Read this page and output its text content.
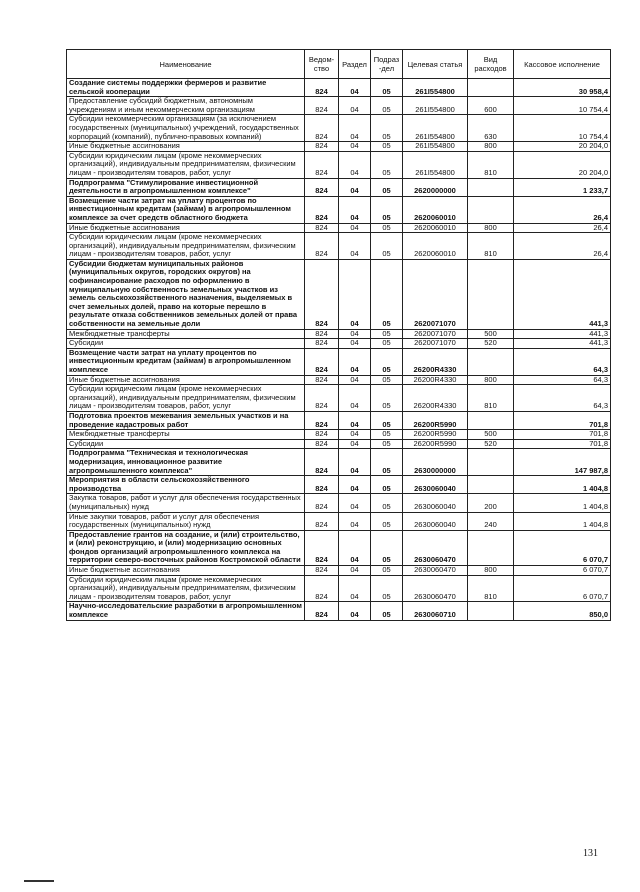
Наименование	Ведом-ство	Раздел	Подраз-дел	Целевая статья	Вид расходов	Кассовое исполнение
Создание системы поддержки фермеров и развитие сельской кооперации	824	04	05	261I554800		30 958,4
Предоставление субсидий бюджетным, автономным учреждениям и иным некоммерческим организациям	824	04	05	261I554800	600	10 754,4
Субсидии некоммерческим организациям (за исключением государственных (муниципальных) учреждений, государственных корпораций (компаний), публично-правовых компаний)	824	04	05	261I554800	630	10 754,4
Иные бюджетные ассигнования	824	04	05	261I554800	800	20 204,0
Субсидии юридическим лицам (кроме некоммерческих организаций), индивидуальным предпринимателям, физическим лицам - производителям товаров, работ, услуг	824	04	05	261I554800	810	20 204,0
Подпрограмма "Стимулирование инвестиционной деятельности в агропромышленном комплексе"	824	04	05	2620000000		1 233,7
Возмещение части затрат на уплату процентов по инвестиционным кредитам (займам) в агропромышленном комплексе за счет средств областного бюджета	824	04	05	2620060010		26,4
Иные бюджетные ассигнования	824	04	05	2620060010	800	26,4
Субсидии юридическим лицам (кроме некоммерческих организаций), индивидуальным предпринимателям, физическим лицам - производителям товаров, работ, услуг	824	04	05	2620060010	810	26,4
Субсидии бюджетам муниципальных районов (муниципальных округов, городских округов) на софинансирование расходов по оформлению в муниципальную собственность земельных участков из земель сельскохозяйственного назначения, выделяемых в счет земельных долей, право на которые перешло в результате отказа собственников земельных долей от права собственности на земельные доли	824	04	05	2620071070		441,3
Межбюджетные трансферты	824	04	05	2620071070	500	441,3
Субсидии	824	04	05	2620071070	520	441,3
Возмещение части затрат на уплату процентов по инвестиционным кредитам (займам) в агропромышленном комплексе	824	04	05	26200R4330		64,3
Иные бюджетные ассигнования	824	04	05	26200R4330	800	64,3
Субсидии юридическим лицам (кроме некоммерческих организаций), индивидуальным предпринимателям, физическим лицам - производителям товаров, работ, услуг	824	04	05	26200R4330	810	64,3
Подготовка проектов межевания земельных участков и на проведение кадастровых работ	824	04	05	26200R5990		701,8
Межбюджетные трансферты	824	04	05	26200R5990	500	701,8
Субсидии	824	04	05	26200R5990	520	701,8
Подпрограмма "Техническая и технологическая модернизация, инновационное развитие агропромышленного комплекса"	824	04	05	2630000000		147 987,8
Мероприятия в области сельскохозяйственного производства	824	04	05	2630060040		1 404,8
Закупка товаров, работ и услуг для обеспечения государственных (муниципальных) нужд	824	04	05	2630060040	200	1 404,8
Иные закупки товаров, работ и услуг для обеспечения государственных (муниципальных) нужд	824	04	05	2630060040	240	1 404,8
Предоставление грантов на создание, и (или) строительство, и (или) реконструкцию, и (или) модернизацию основных фондов организаций агропромышленного комплекса на территории северо-восточных районов Костромской области	824	04	05	2630060470		6 070,7
Иные бюджетные ассигнования	824	04	05	2630060470	800	6 070,7
Субсидии юридическим лицам (кроме некоммерческих организаций), индивидуальным предпринимателям, физическим лицам - производителям товаров, работ, услуг	824	04	05	2630060470	810	6 070,7
Научно-исследовательские разработки в агропромышленном комплексе	824	04	05	2630060710		850,0
131
